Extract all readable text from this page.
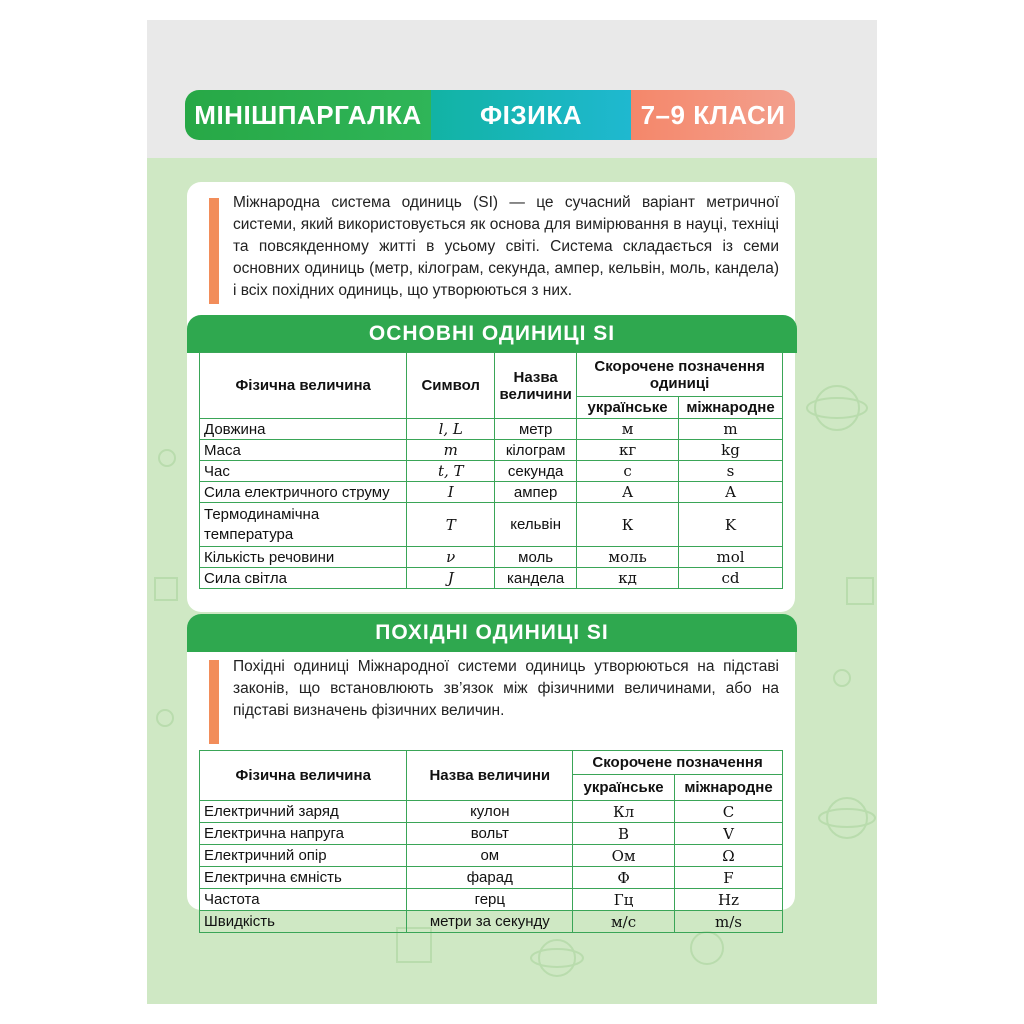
МІНІШПАРГАЛКА	ФІЗИКА	7–9 КЛАСИ

Міжнародна система одиниць (SI) — це сучасний варіант метричної системи, який використовується як основа для вимірювання в науці, техніці та повсякденному житті в усьому світі. Система складається із семи основних одиниць (метр, кілограм, секунда, ампер, кельвін, моль, кандела) і всіх похідних одиниць, що утворюються з них.

ОСНОВНІ ОДИНИЦІ SI
Фізична величина	Символ	Назва величини	Скорочене позначення одиниці	
			українське	міжнародне
Довжина	l, L	метр	м	m
Маса	m	кілограм	кг	kg
Час	t, T	секунда	с	s
Сила електричного струму	I	ампер	А	A
Термодинамічна температура	T	кельвін	К	K
Кількість речовини	ν	моль	моль	mol
Сила світла	J	кандела	кд	cd
ПОХІДНІ ОДИНИЦІ SI

Похідні одиниці Міжнародної системи одиниць утворюються на підставі законів, що встановлюють зв’язок між фізичними величинами, або на підставі визначень фізичних величин.

Фізична величина	Назва величини	Скорочене позначення	
		українське	міжнародне
Електричний заряд	кулон	Кл	C
Електрична напруга	вольт	В	V
Електричний опір	ом	Ом	Ω
Електрична ємність	фарад	Ф	F
Частота	герц	Гц	Hz
Швидкість	метри за секунду	м/с	m/s
